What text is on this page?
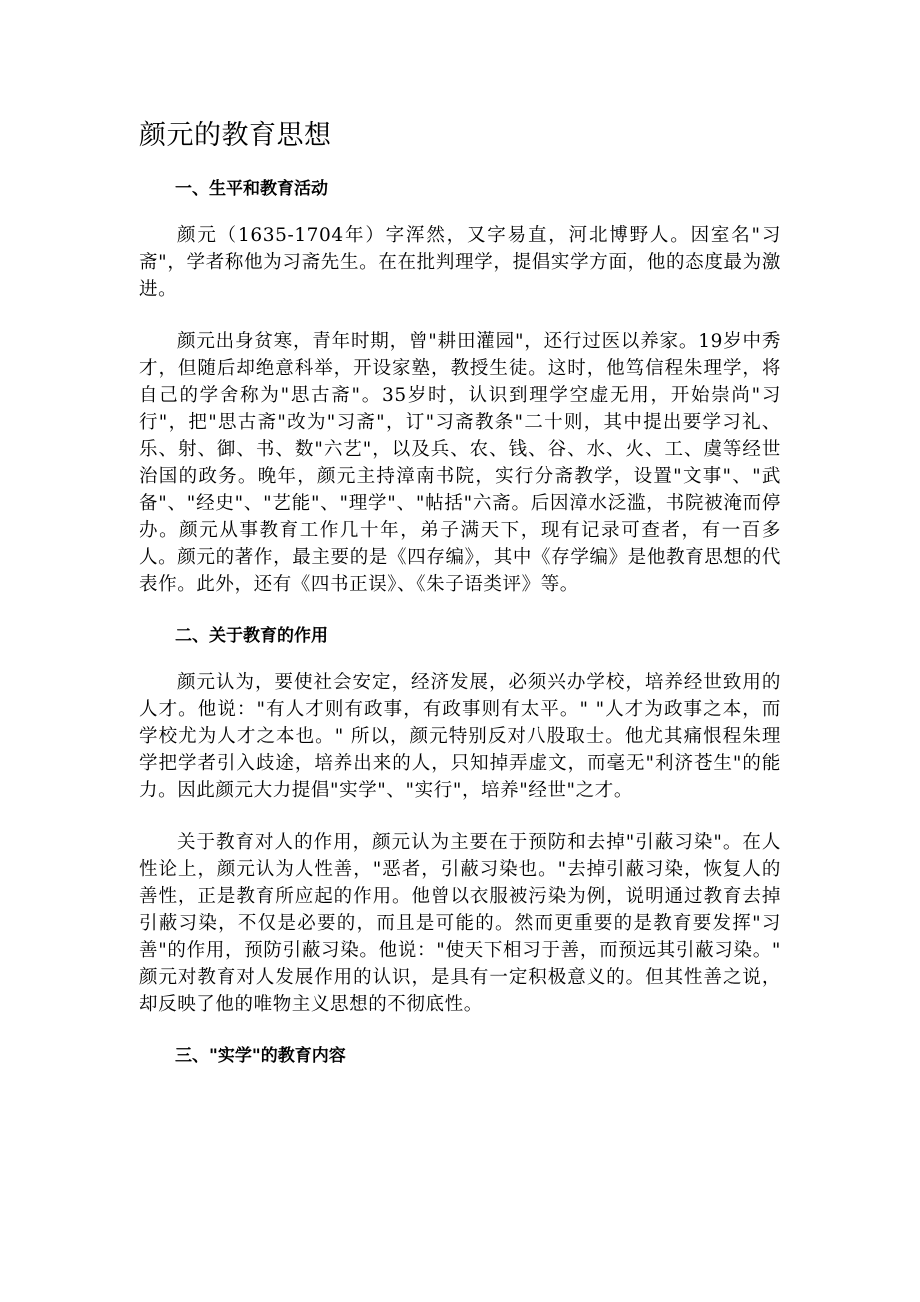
颜元的教育思想
一、生平和教育活动

颜元（1635-1704年）字浑然，又字易直，河北博野人。因室名"习斋"，学者称他为习斋先生。在在批判理学，提倡实学方面，他的态度最为激进。

颜元出身贫寒，青年时期，曾"耕田灌园"，还行过医以养家。19岁中秀才，但随后却绝意科举，开设家塾，教授生徒。这时，他笃信程朱理学，将自己的学舍称为"思古斋"。35岁时，认识到理学空虚无用，开始崇尚"习行"，把"思古斋"改为"习斋"，订"习斋教条"二十则，其中提出要学习礼、乐、射、御、书、数"六艺"，以及兵、农、钱、谷、水、火、工、虞等经世治国的政务。晚年，颜元主持漳南书院，实行分斋教学，设置"文事"、"武备"、"经史"、"艺能"、"理学"、"帖括"六斋。后因漳水泛滥，书院被淹而停办。颜元从事教育工作几十年，弟子满天下，现有记录可查者，有一百多人。颜元的著作，最主要的是《四存编》，其中《存学编》是他教育思想的代表作。此外，还有《四书正误》、《朱子语类评》等。

二、关于教育的作用

颜元认为，要使社会安定，经济发展，必须兴办学校，培养经世致用的人才。他说："有人才则有政事，有政事则有太平。" "人才为政事之本，而学校尤为人才之本也。" 所以，颜元特别反对八股取士。他尤其痛恨程朱理学把学者引入歧途，培养出来的人，只知掉弄虚文，而毫无"利济苍生"的能力。因此颜元大力提倡"实学"、"实行"，培养"经世"之才。

关于教育对人的作用，颜元认为主要在于预防和去掉"引蔽习染"。在人性论上，颜元认为人性善，"恶者，引蔽习染也。"去掉引蔽习染，恢复人的善性，正是教育所应起的作用。他曾以衣服被污染为例，说明通过教育去掉引蔽习染，不仅是必要的，而且是可能的。然而更重要的是教育要发挥"习善"的作用，预防引蔽习染。他说："使天下相习于善，而预远其引蔽习染。" 颜元对教育对人发展作用的认识，是具有一定积极意义的。但其性善之说，却反映了他的唯物主义思想的不彻底性。

三、"实学"的教育内容
